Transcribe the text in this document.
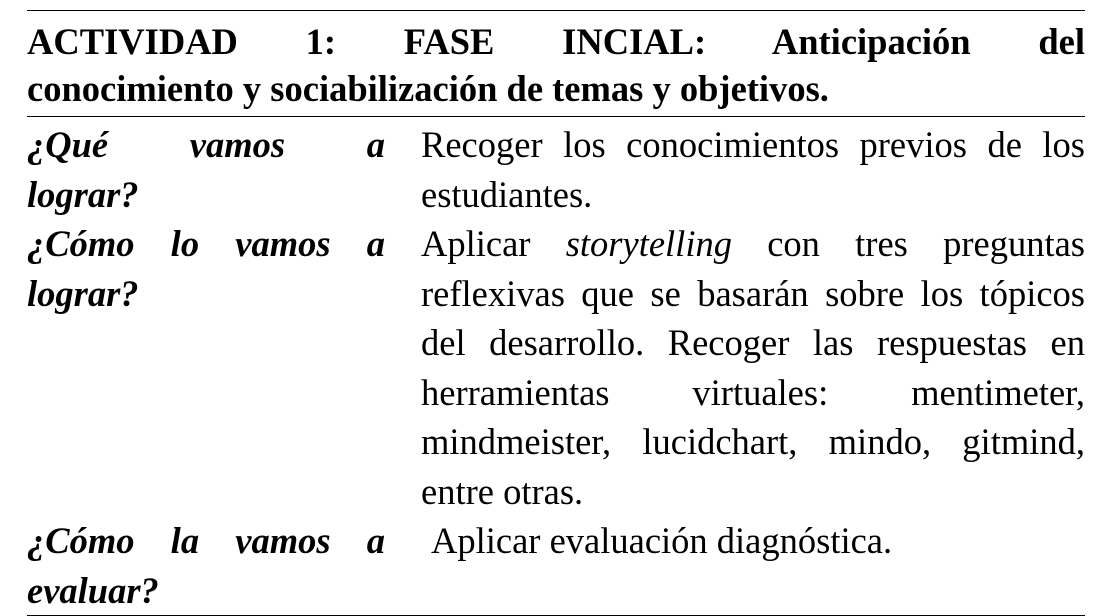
ACTIVIDAD 1: FASE INCIAL: Anticipación del
conocimiento y sociabilización de temas y objetivos.
¿Qué vamos a
lograr?	Recoger los conocimientos previos de los estudiantes.

¿Cómo lo vamos a
lograr?	Aplicar storytelling con tres preguntas reflexivas que se basarán sobre los tópicos del desarrollo. Recoger las respuestas en herramientas virtuales: mentimeter, mindmeister, lucidchart, mindo, gitmind, entre otras.

¿Cómo la vamos a
evaluar?	Aplicar evaluación diagnóstica.
